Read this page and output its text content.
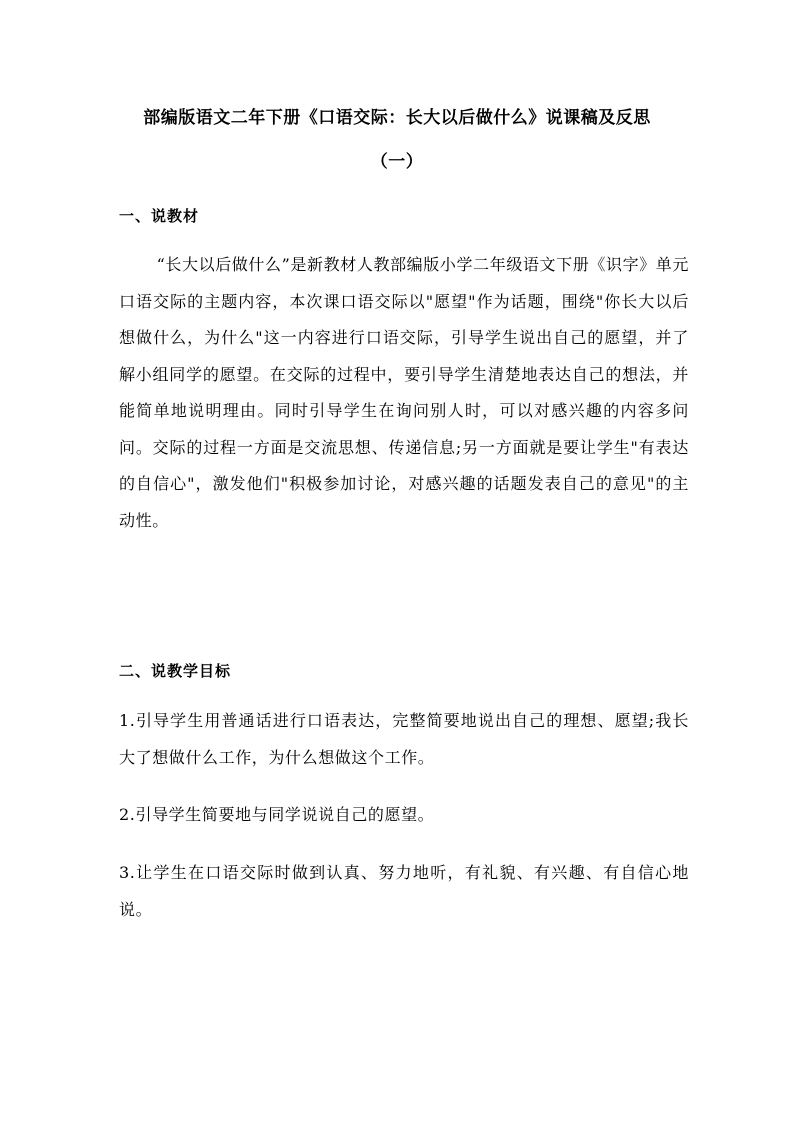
部编版语文二年下册《口语交际：长大以后做什么》说课稿及反思
（一）
一、说教材

“长大以后做什么”是新教材人教部编版小学二年级语文下册《识字》单元口语交际的主题内容，本次课口语交际以"愿望"作为话题，围绕"你长大以后想做什么，为什么"这一内容进行口语交际，引导学生说出自己的愿望，并了解小组同学的愿望。在交际的过程中，要引导学生清楚地表达自己的想法，并能简单地说明理由。同时引导学生在询问别人时，可以对感兴趣的内容多问问。交际的过程一方面是交流思想、传递信息;另一方面就是要让学生"有表达的自信心"，激发他们"积极参加讨论，对感兴趣的话题发表自己的意见"的主动性。

二、说教学目标

1.引导学生用普通话进行口语表达，完整简要地说出自己的理想、愿望;我长大了想做什么工作，为什么想做这个工作。

2.引导学生简要地与同学说说自己的愿望。

3.让学生在口语交际时做到认真、努力地听，有礼貌、有兴趣、有自信心地说。
